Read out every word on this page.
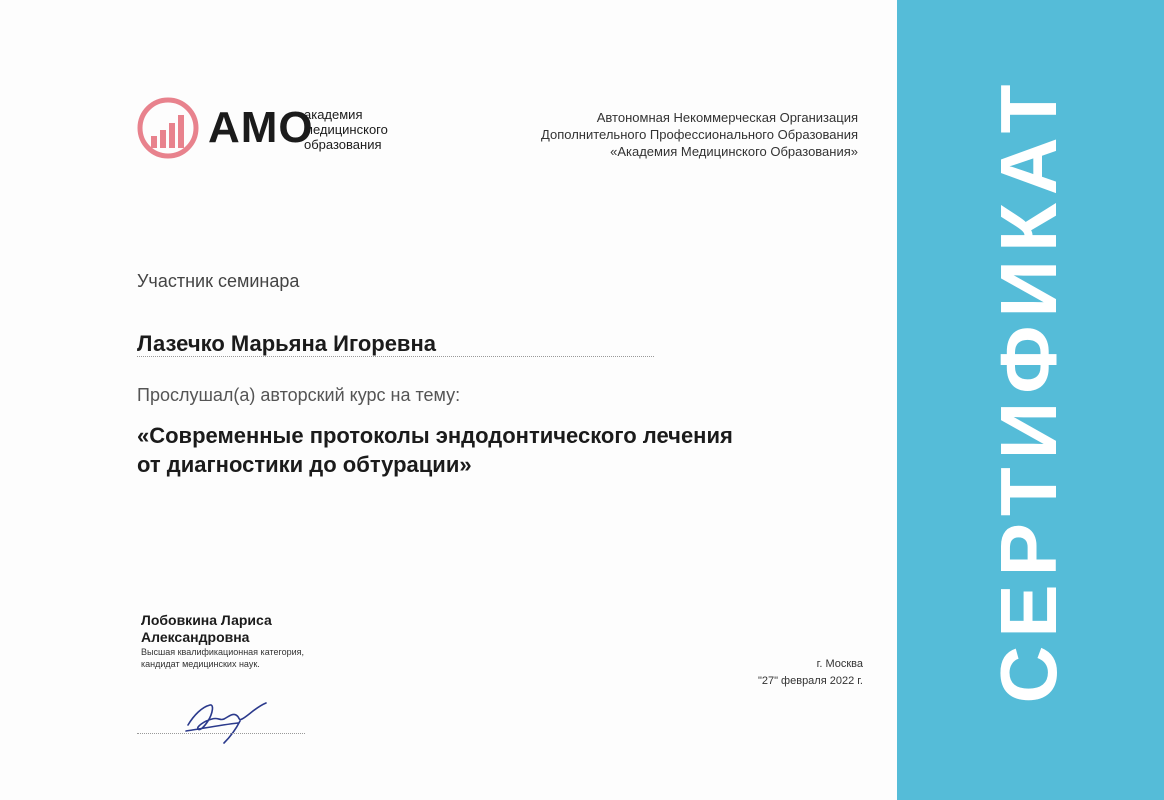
АМО
академия
медицинского
образования
Автономная Некоммерческая Организация
Дополнительного Профессионального Образования
«Академия Медицинского Образования»
Участник семинара
Лазечко Марьяна Игоревна
Прослушал(а) авторский курс на тему:
«Современные протоколы эндодонтического лечения
от диагностики до обтурации»
Лобовкина Лариса
Александровна
Высшая квалификационная категория, кандидат медицинских наук.	г. Москва
"27" февраля 2022 г. СЕРТИФИКАТ
